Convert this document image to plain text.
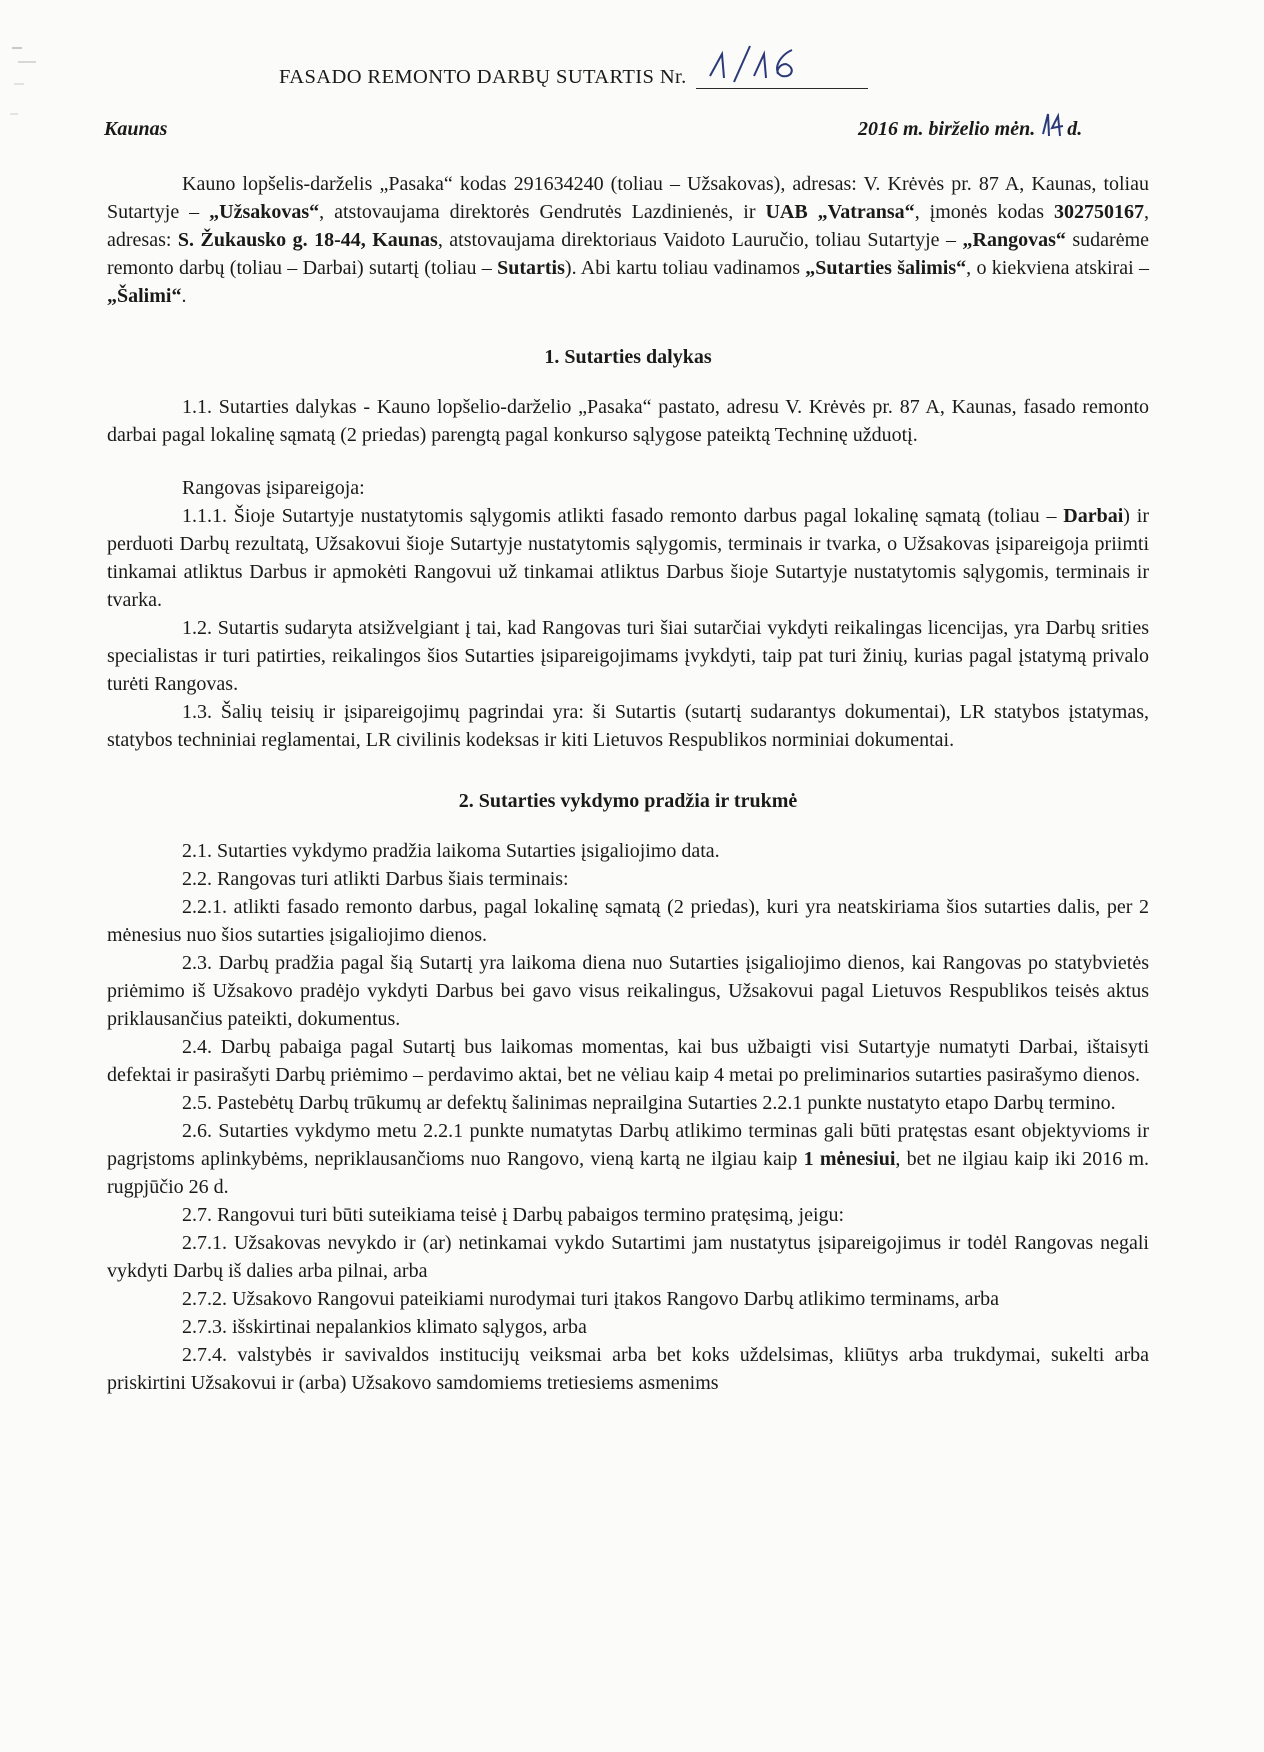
FASADO REMONTO DARBŲ SUTARTIS Nr.
Kaunas	2016 m. birželio mėn. d.

Kauno lopšelis-darželis „Pasaka“ kodas 291634240 (toliau – Užsakovas), adresas: V. Krėvės pr. 87 A, Kaunas, toliau Sutartyje – „Užsakovas“, atstovaujama direktorės Gendrutės Lazdinienės, ir UAB „Vatransa“, įmonės kodas 302750167, adresas: S. Žukausko g. 18-44, Kaunas, atstovaujama direktoriaus Vaidoto Lauručio, toliau Sutartyje – „Rangovas“ sudarėme remonto darbų (toliau – Darbai) sutartį (toliau – Sutartis). Abi kartu toliau vadinamos „Sutarties šalimis“, o kiekviena atskirai – „Šalimi“.

1. Sutarties dalykas

1.1. Sutarties dalykas - Kauno lopšelio-darželio „Pasaka“ pastato, adresu V. Krėvės pr. 87 A, Kaunas, fasado remonto darbai pagal lokalinę sąmatą (2 priedas) parengtą pagal konkurso sąlygose pateiktą Techninę užduotį.

Rangovas įsipareigoja:

1.1.1. Šioje Sutartyje nustatytomis sąlygomis atlikti fasado remonto darbus pagal lokalinę sąmatą (toliau – Darbai) ir perduoti Darbų rezultatą, Užsakovui šioje Sutartyje nustatytomis sąlygomis, terminais ir tvarka, o Užsakovas įsipareigoja priimti tinkamai atliktus Darbus ir apmokėti Rangovui už tinkamai atliktus Darbus šioje Sutartyje nustatytomis sąlygomis, terminais ir tvarka.

1.2. Sutartis sudaryta atsižvelgiant į tai, kad Rangovas turi šiai sutarčiai vykdyti reikalingas licencijas, yra Darbų srities specialistas ir turi patirties, reikalingos šios Sutarties įsipareigojimams įvykdyti, taip pat turi žinių, kurias pagal įstatymą privalo turėti Rangovas.

1.3. Šalių teisių ir įsipareigojimų pagrindai yra: ši Sutartis (sutartį sudarantys dokumentai), LR statybos įstatymas, statybos techniniai reglamentai, LR civilinis kodeksas ir kiti Lietuvos Respublikos norminiai dokumentai.

2. Sutarties vykdymo pradžia ir trukmė

2.1. Sutarties vykdymo pradžia laikoma Sutarties įsigaliojimo data.

2.2. Rangovas turi atlikti Darbus šiais terminais:

2.2.1. atlikti fasado remonto darbus, pagal lokalinę sąmatą (2 priedas), kuri yra neatskiriama šios sutarties dalis, per 2 mėnesius nuo šios sutarties įsigaliojimo dienos.

2.3. Darbų pradžia pagal šią Sutartį yra laikoma diena nuo Sutarties įsigaliojimo dienos, kai Rangovas po statybvietės priėmimo iš Užsakovo pradėjo vykdyti Darbus bei gavo visus reikalingus, Užsakovui pagal Lietuvos Respublikos teisės aktus priklausančius pateikti, dokumentus.

2.4. Darbų pabaiga pagal Sutartį bus laikomas momentas, kai bus užbaigti visi Sutartyje numatyti Darbai, ištaisyti defektai ir pasirašyti Darbų priėmimo – perdavimo aktai, bet ne vėliau kaip 4 metai po preliminarios sutarties pasirašymo dienos.

2.5. Pastebėtų Darbų trūkumų ar defektų šalinimas neprailgina Sutarties 2.2.1 punkte nustatyto etapo Darbų termino.

2.6. Sutarties vykdymo metu 2.2.1 punkte numatytas Darbų atlikimo terminas gali būti pratęstas esant objektyvioms ir pagrįstoms aplinkybėms, nepriklausančioms nuo Rangovo, vieną kartą ne ilgiau kaip 1 mėnesiui, bet ne ilgiau kaip iki 2016 m. rugpjūčio 26 d.

2.7. Rangovui turi būti suteikiama teisė į Darbų pabaigos termino pratęsimą, jeigu:

2.7.1. Užsakovas nevykdo ir (ar) netinkamai vykdo Sutartimi jam nustatytus įsipareigojimus ir todėl Rangovas negali vykdyti Darbų iš dalies arba pilnai, arba

2.7.2. Užsakovo Rangovui pateikiami nurodymai turi įtakos Rangovo Darbų atlikimo terminams, arba

2.7.3. išskirtinai nepalankios klimato sąlygos, arba

2.7.4. valstybės ir savivaldos institucijų veiksmai arba bet koks uždelsimas, kliūtys arba trukdymai, sukelti arba priskirtini Užsakovui ir (arba) Užsakovo samdomiems tretiesiems asmenims
